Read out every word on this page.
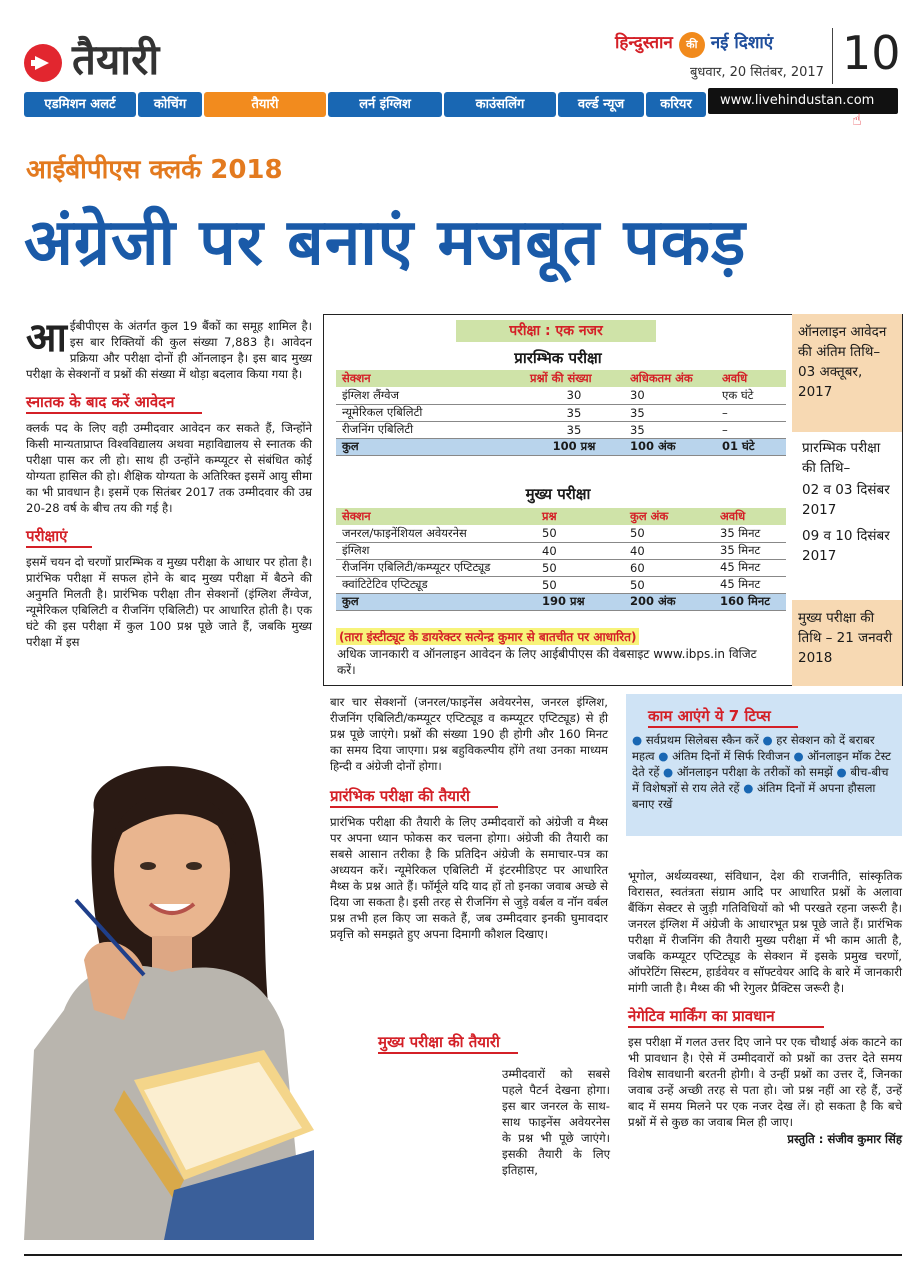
तैयारी	हिन्दुस्तान की नई दिशाएं
बुधवार, 20 सितंबर, 2017 10
एडमिशन अलर्ट	कोचिंग	तैयारी	लर्न इंग्लिश	काउंसलिंग	वर्ल्ड न्यूज	करियर	www.livehindustan.com
☝
आईबीपीएस क्लर्क 2018
अंग्रेजी पर बनाएं मजबूत पकड़
आ ईबीपीएस के अंतर्गत कुल 19 बैंकों का समूह शामिल है। इस बार रिक्तियों की कुल संख्या 7,883 है। आवेदन प्रक्रिया और परीक्षा दोनों ही ऑनलाइन है। इस बाद मुख्य परीक्षा के सेक्शनों व प्रश्नों की संख्या में थोड़ा बदलाव किया गया है।
स्नातक के बाद करें आवेदन
क्लर्क पद के लिए वही उम्मीदवार आवेदन कर सकते हैं, जिन्होंने किसी मान्यताप्राप्त विश्वविद्यालय अथवा महाविद्यालय से स्नातक की परीक्षा पास कर ली हो। साथ ही उन्होंने कम्प्यूटर से संबंधित कोई योग्यता हासिल की हो। शैक्षिक योग्यता के अतिरिक्त इसमें आयु सीमा का भी प्रावधान है। इसमें एक सितंबर 2017 तक उम्मीदवार की उम्र 20-28 वर्ष के बीच तय की गई है।
परीक्षाएं
इसमें चयन दो चरणों प्रारम्भिक व मुख्य परीक्षा के आधार पर होता है। प्रारंभिक परीक्षा में सफल होने के बाद मुख्य परीक्षा में बैठने की अनुमति मिलती है। प्रारंभिक परीक्षा तीन सेक्शनों (इंग्लिश लैंग्वेज, न्यूमेरिकल एबिलिटी व रीजनिंग एबिलिटी) पर आधारित होती है। एक घंटे की इस परीक्षा में कुल 100 प्रश्न पूछे जाते हैं, जबकि मुख्य परीक्षा में इस
परीक्षा : एक नजर
प्रारम्भिक परीक्षा
सेक्शन	प्रश्नों की संख्या	अधिकतम अंक	अवधि
इंग्लिश लैंग्वेज	30	30	एक घंटे
न्यूमेरिकल एबिलिटी	35	35	–
रीजनिंग एबिलिटी	35	35	–
कुल	100 प्रश्न	100 अंक	01 घंटे
मुख्य परीक्षा
सेक्शन	प्रश्न	कुल अंक	अवधि
जनरल/फाइनेंशियल अवेयरनेस	50	50	35 मिनट
इंग्लिश	40	40	35 मिनट
रीजनिंग एबिलिटी/कम्प्यूटर एप्टिट्यूड	50	60	45 मिनट
क्वांटिटेटिव एप्टिट्यूड	50	50	45 मिनट
कुल	190 प्रश्न	200 अंक	160 मिनट
(तारा इंस्टीट्यूट के डायरेक्टर सत्येन्द्र कुमार से बातचीत पर आधारित)
अधिक जानकारी व ऑनलाइन आवेदन के लिए आईबीपीएस की वेबसाइट www.ibps.in विजिट करें।
ऑनलाइन आवेदन की अंतिम तिथि– 03 अक्तूबर, 2017
प्रारम्भिक परीक्षा की तिथि–
02 व 03 दिसंबर 2017
09 व 10 दिसंबर 2017
मुख्य परीक्षा की तिथि – 21 जनवरी 2018
बार चार सेक्शनों (जनरल/फाइनेंस अवेयरनेस, जनरल इंग्लिश, रीजनिंग एबिलिटी/कम्प्यूटर एप्टिट्यूड व कम्प्यूटर एप्टिट्यूड) से ही प्रश्न पूछे जाएंगे। प्रश्नों की संख्या 190 ही होगी और 160 मिनट का समय दिया जाएगा। प्रश्न बहुविकल्पीय होंगे तथा उनका माध्यम हिन्दी व अंग्रेजी दोनों होगा।
प्रारंभिक परीक्षा की तैयारी
प्रारंभिक परीक्षा की तैयारी के लिए उम्मीदवारों को अंग्रेजी व मैथ्स पर अपना ध्यान फोकस कर चलना होगा। अंग्रेजी की तैयारी का सबसे आसान तरीका है कि प्रतिदिन अंग्रेजी के समाचार-पत्र का अध्ययन करें। न्यूमेरिकल एबिलिटी में इंटरमीडिएट पर आधारित मैथ्स के प्रश्न आते हैं। फॉर्मूले यदि याद हों तो इनका जवाब अच्छे से दिया जा सकता है। इसी तरह से रीजनिंग से जुड़े वर्बल व नॉन वर्बल प्रश्न तभी हल किए जा सकते हैं, जब उम्मीदवार इनकी घुमावदार प्रवृत्ति को समझते हुए अपना दिमागी कौशल दिखाए।
मुख्य परीक्षा की तैयारी
उम्मीदवारों को सबसे पहले पैटर्न देखना होगा। इस बार जनरल के साथ-साथ फाइनेंस अवेयरनेस के प्रश्न भी पूछे जाएंगे। इसकी तैयारी के लिए इतिहास,
काम आएंगे ये 7 टिप्स
● सर्वप्रथम सिलेबस स्कैन करें ● हर सेक्शन को दें बराबर महत्व ● अंतिम दिनों में सिर्फ रिवीजन ● ऑनलाइन मॉक टेस्ट देते रहें ● ऑनलाइन परीक्षा के तरीकों को समझें ● बीच-बीच में विशेषज्ञों से राय लेते रहें ● अंतिम दिनों में अपना हौसला बनाए रखें
भूगोल, अर्थव्यवस्था, संविधान, देश की राजनीति, सांस्कृतिक विरासत, स्वतंत्रता संग्राम आदि पर आधारित प्रश्नों के अलावा बैंकिंग सेक्टर से जुड़ी गतिविधियों को भी परखते रहना जरूरी है। जनरल इंग्लिश में अंग्रेजी के आधारभूत प्रश्न पूछे जाते हैं। प्रारंभिक परीक्षा में रीजनिंग की तैयारी मुख्य परीक्षा में भी काम आती है, जबकि कम्प्यूटर एप्टिट्यूड के सेक्शन में इसके प्रमुख चरणों, ऑपरेटिंग सिस्टम, हार्डवेयर व सॉफ्टवेयर आदि के बारे में जानकारी मांगी जाती है। मैथ्स की भी रेगुलर प्रैक्टिस जरूरी है।
नेगेटिव मार्किंग का प्रावधान
इस परीक्षा में गलत उत्तर दिए जाने पर एक चौथाई अंक काटने का भी प्रावधान है। ऐसे में उम्मीदवारों को प्रश्नों का उत्तर देते समय विशेष सावधानी बरतनी होगी। वे उन्हीं प्रश्नों का उत्तर दें, जिनका जवाब उन्हें अच्छी तरह से पता हो। जो प्रश्न नहीं आ रहे हैं, उन्हें बाद में समय मिलने पर एक नजर देख लें। हो सकता है कि बचे प्रश्नों में से कुछ का जवाब मिल ही जाए।
प्रस्तुति : संजीव कुमार सिंह
